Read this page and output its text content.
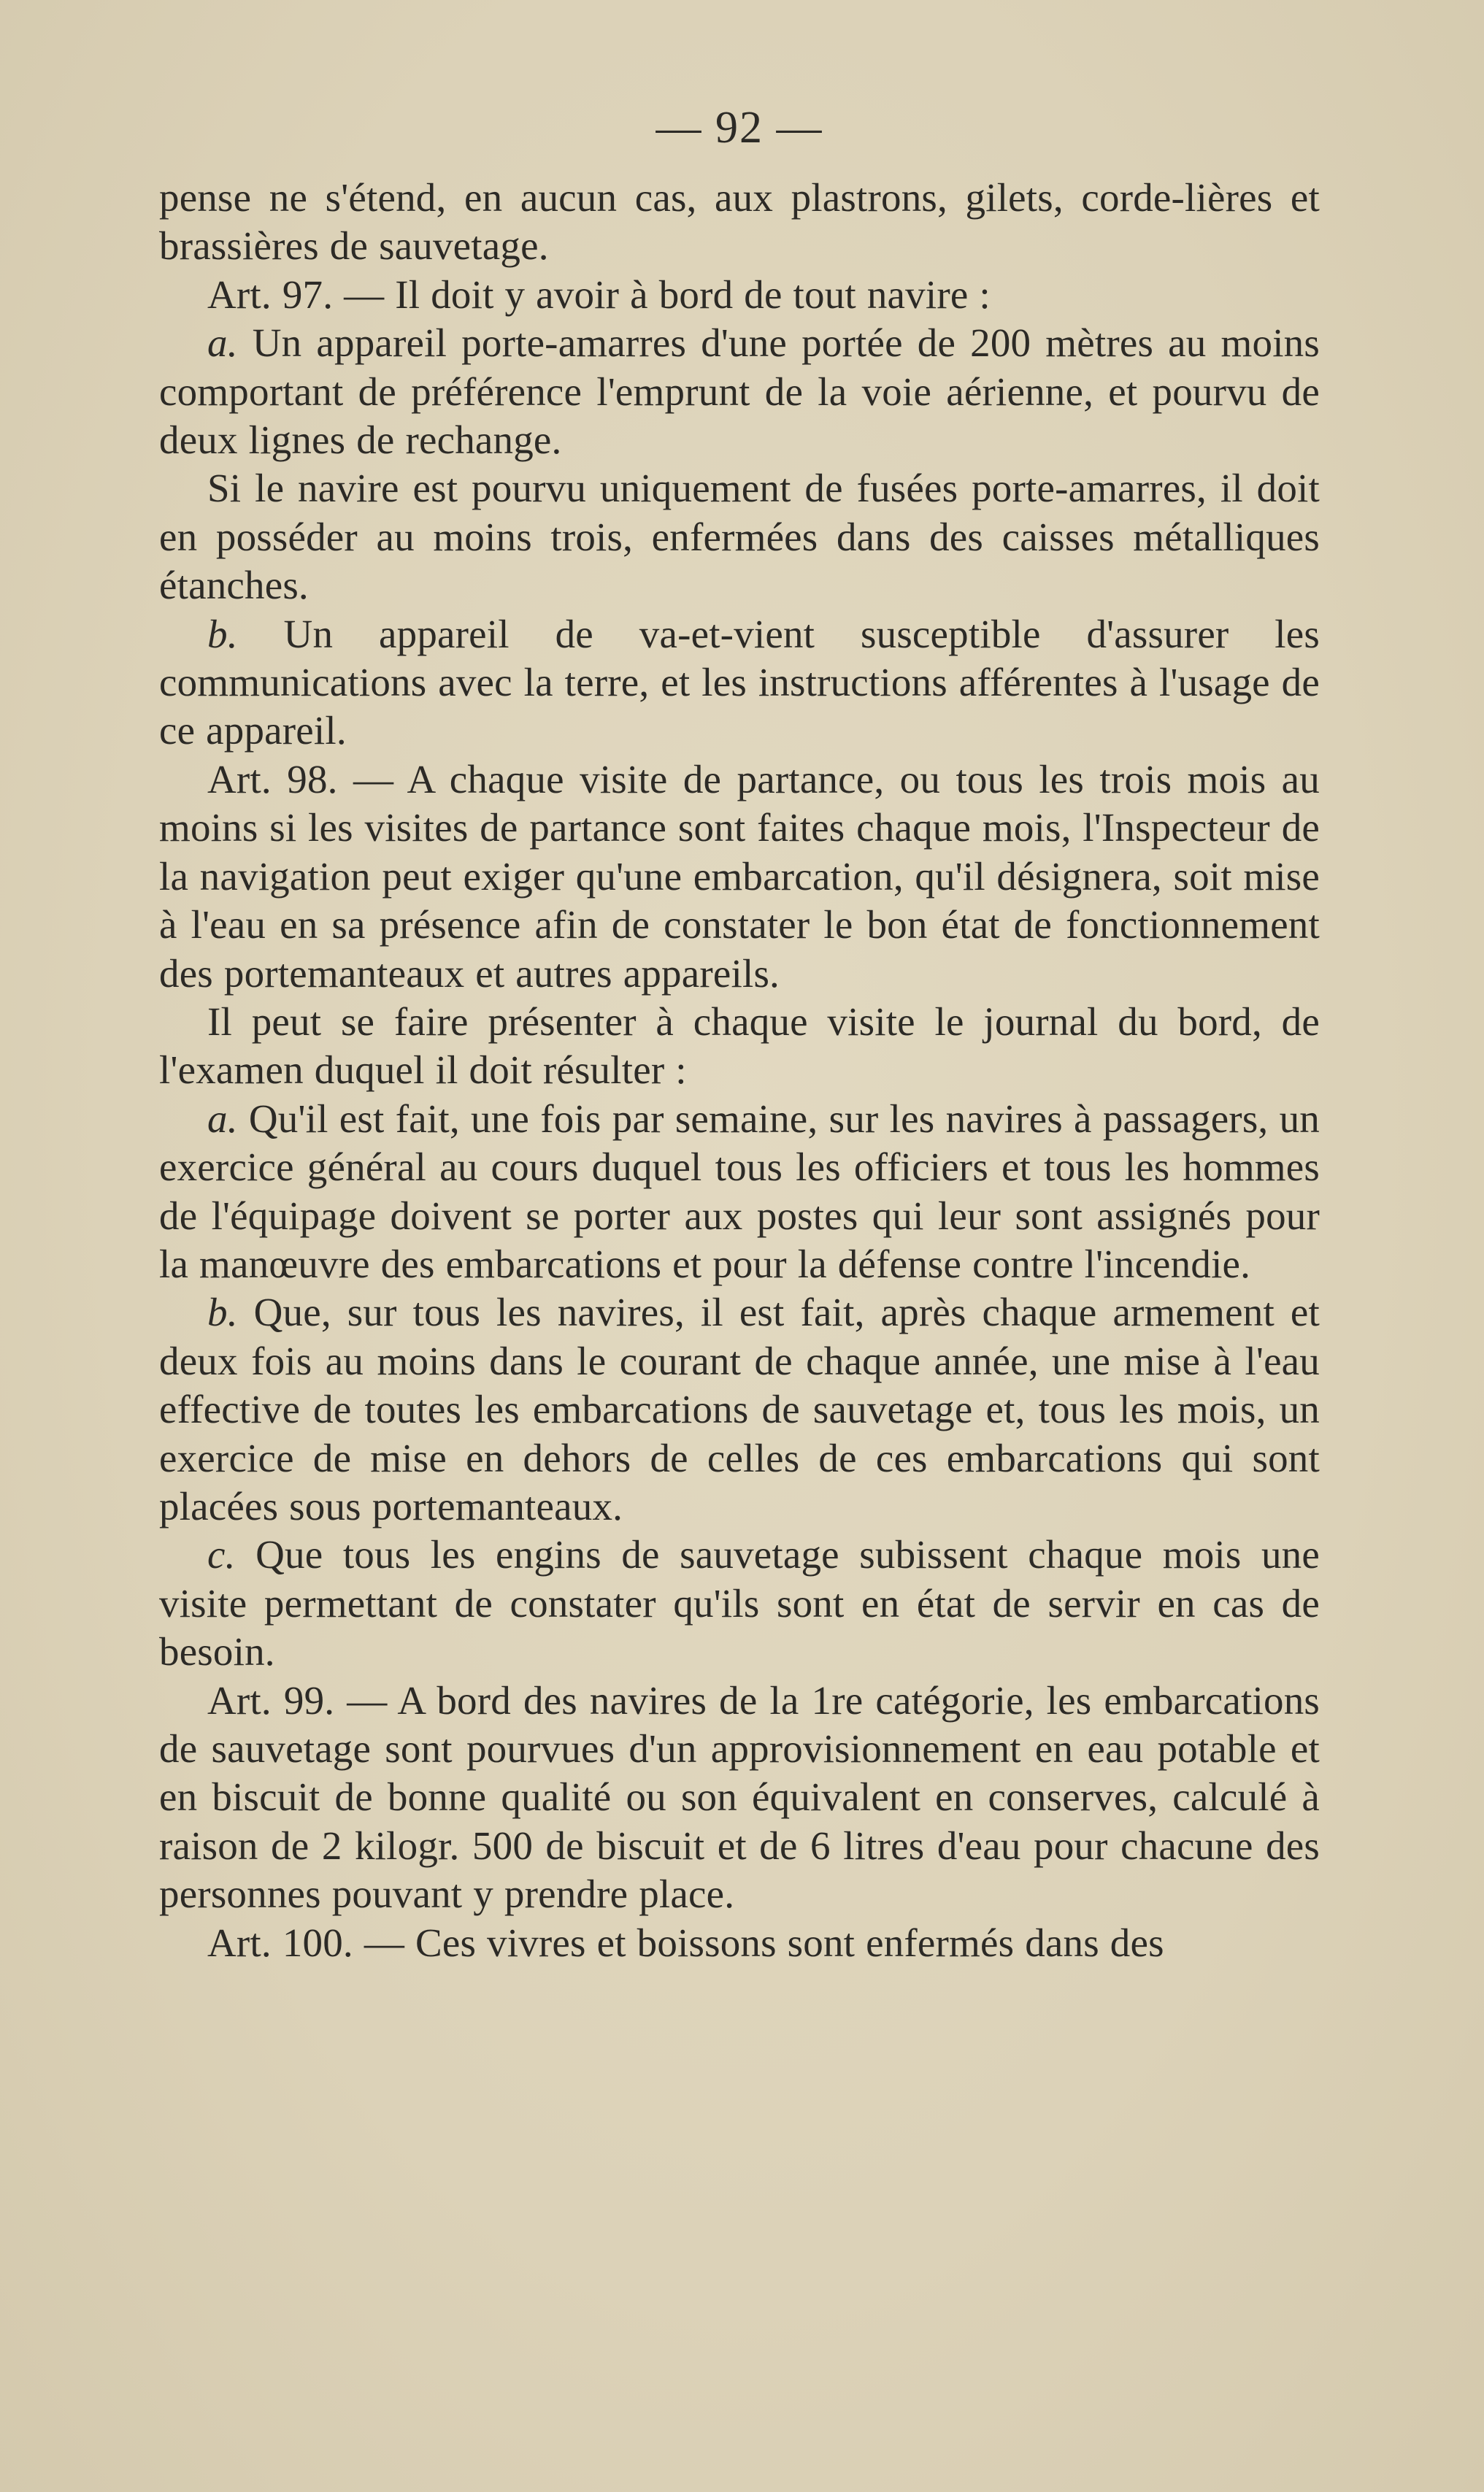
— 92 —

pense ne s'étend, en aucun cas, aux plastrons, gilets, corde-lières et brassières de sauvetage.

Art. 97. — Il doit y avoir à bord de tout navire :

a. Un appareil porte-amarres d'une portée de 200 mètres au moins comportant de préférence l'emprunt de la voie aérienne, et pourvu de deux lignes de rechange.

Si le navire est pourvu uniquement de fusées porte-amarres, il doit en posséder au moins trois, enfermées dans des caisses métalliques étanches.

b. Un appareil de va-et-vient susceptible d'assurer les communications avec la terre, et les instructions afférentes à l'usage de ce appareil.

Art. 98. — A chaque visite de partance, ou tous les trois mois au moins si les visites de partance sont faites chaque mois, l'Inspecteur de la navigation peut exiger qu'une embarcation, qu'il désignera, soit mise à l'eau en sa présence afin de constater le bon état de fonctionnement des portemanteaux et autres appareils.

Il peut se faire présenter à chaque visite le journal du bord, de l'examen duquel il doit résulter :

a. Qu'il est fait, une fois par semaine, sur les navires à passagers, un exercice général au cours duquel tous les officiers et tous les hommes de l'équipage doivent se porter aux postes qui leur sont assignés pour la manœuvre des embarcations et pour la défense contre l'incendie.

b. Que, sur tous les navires, il est fait, après chaque armement et deux fois au moins dans le courant de chaque année, une mise à l'eau effective de toutes les embarcations de sauvetage et, tous les mois, un exercice de mise en dehors de celles de ces embarcations qui sont placées sous portemanteaux.

c. Que tous les engins de sauvetage subissent chaque mois une visite permettant de constater qu'ils sont en état de servir en cas de besoin.

Art. 99. — A bord des navires de la 1re catégorie, les embarcations de sauvetage sont pourvues d'un approvisionnement en eau potable et en biscuit de bonne qualité ou son équivalent en conserves, calculé à raison de 2 kilogr. 500 de biscuit et de 6 litres d'eau pour chacune des personnes pouvant y prendre place.

Art. 100. — Ces vivres et boissons sont enfermés dans des
